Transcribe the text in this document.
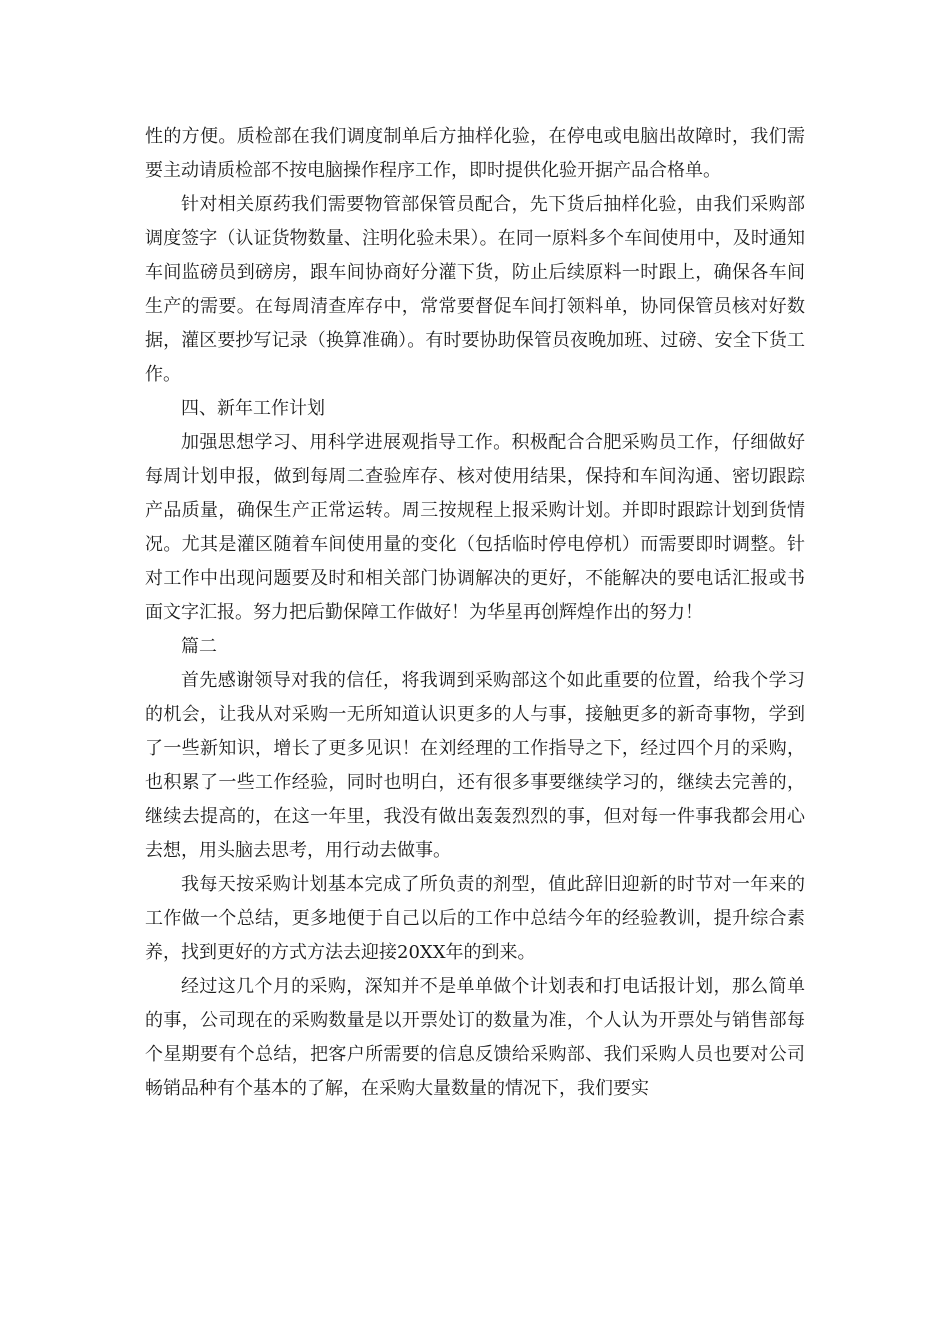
性的方便。质检部在我们调度制单后方抽样化验，在停电或电脑出故障时，我们需要主动请质检部不按电脑操作程序工作，即时提供化验开据产品合格单。

针对相关原药我们需要物管部保管员配合，先下货后抽样化验，由我们采购部调度签字（认证货物数量、注明化验未果）。在同一原料多个车间使用中，及时通知车间监磅员到磅房，跟车间协商好分灌下货，防止后续原料一时跟上，确保各车间生产的需要。在每周清查库存中，常常要督促车间打领料单，协同保管员核对好数据，灌区要抄写记录（换算准确）。有时要协助保管员夜晚加班、过磅、安全下货工作。

四、新年工作计划

加强思想学习、用科学进展观指导工作。积极配合合肥采购员工作，仔细做好每周计划申报，做到每周二查验库存、核对使用结果，保持和车间沟通、密切跟踪产品质量，确保生产正常运转。周三按规程上报采购计划。并即时跟踪计划到货情况。尤其是灌区随着车间使用量的变化（包括临时停电停机）而需要即时调整。针对工作中出现问题要及时和相关部门协调解决的更好，不能解决的要电话汇报或书面文字汇报。努力把后勤保障工作做好！为华星再创辉煌作出的努力！

篇二

首先感谢领导对我的信任，将我调到采购部这个如此重要的位置，给我个学习的机会，让我从对采购一无所知道认识更多的人与事，接触更多的新奇事物，学到了一些新知识，增长了更多见识！在刘经理的工作指导之下，经过四个月的采购，也积累了一些工作经验，同时也明白，还有很多事要继续学习的，继续去完善的，继续去提高的，在这一年里，我没有做出轰轰烈烈的事，但对每一件事我都会用心去想，用头脑去思考，用行动去做事。

我每天按采购计划基本完成了所负责的剂型，值此辞旧迎新的时节对一年来的工作做一个总结，更多地便于自己以后的工作中总结今年的经验教训，提升综合素养，找到更好的方式方法去迎接20XX年的到来。

经过这几个月的采购，深知并不是单单做个计划表和打电话报计划，那么简单的事，公司现在的采购数量是以开票处订的数量为准，个人认为开票处与销售部每个星期要有个总结，把客户所需要的信息反馈给采购部、我们采购人员也要对公司畅销品种有个基本的了解，在采购大量数量的情况下，我们要实
